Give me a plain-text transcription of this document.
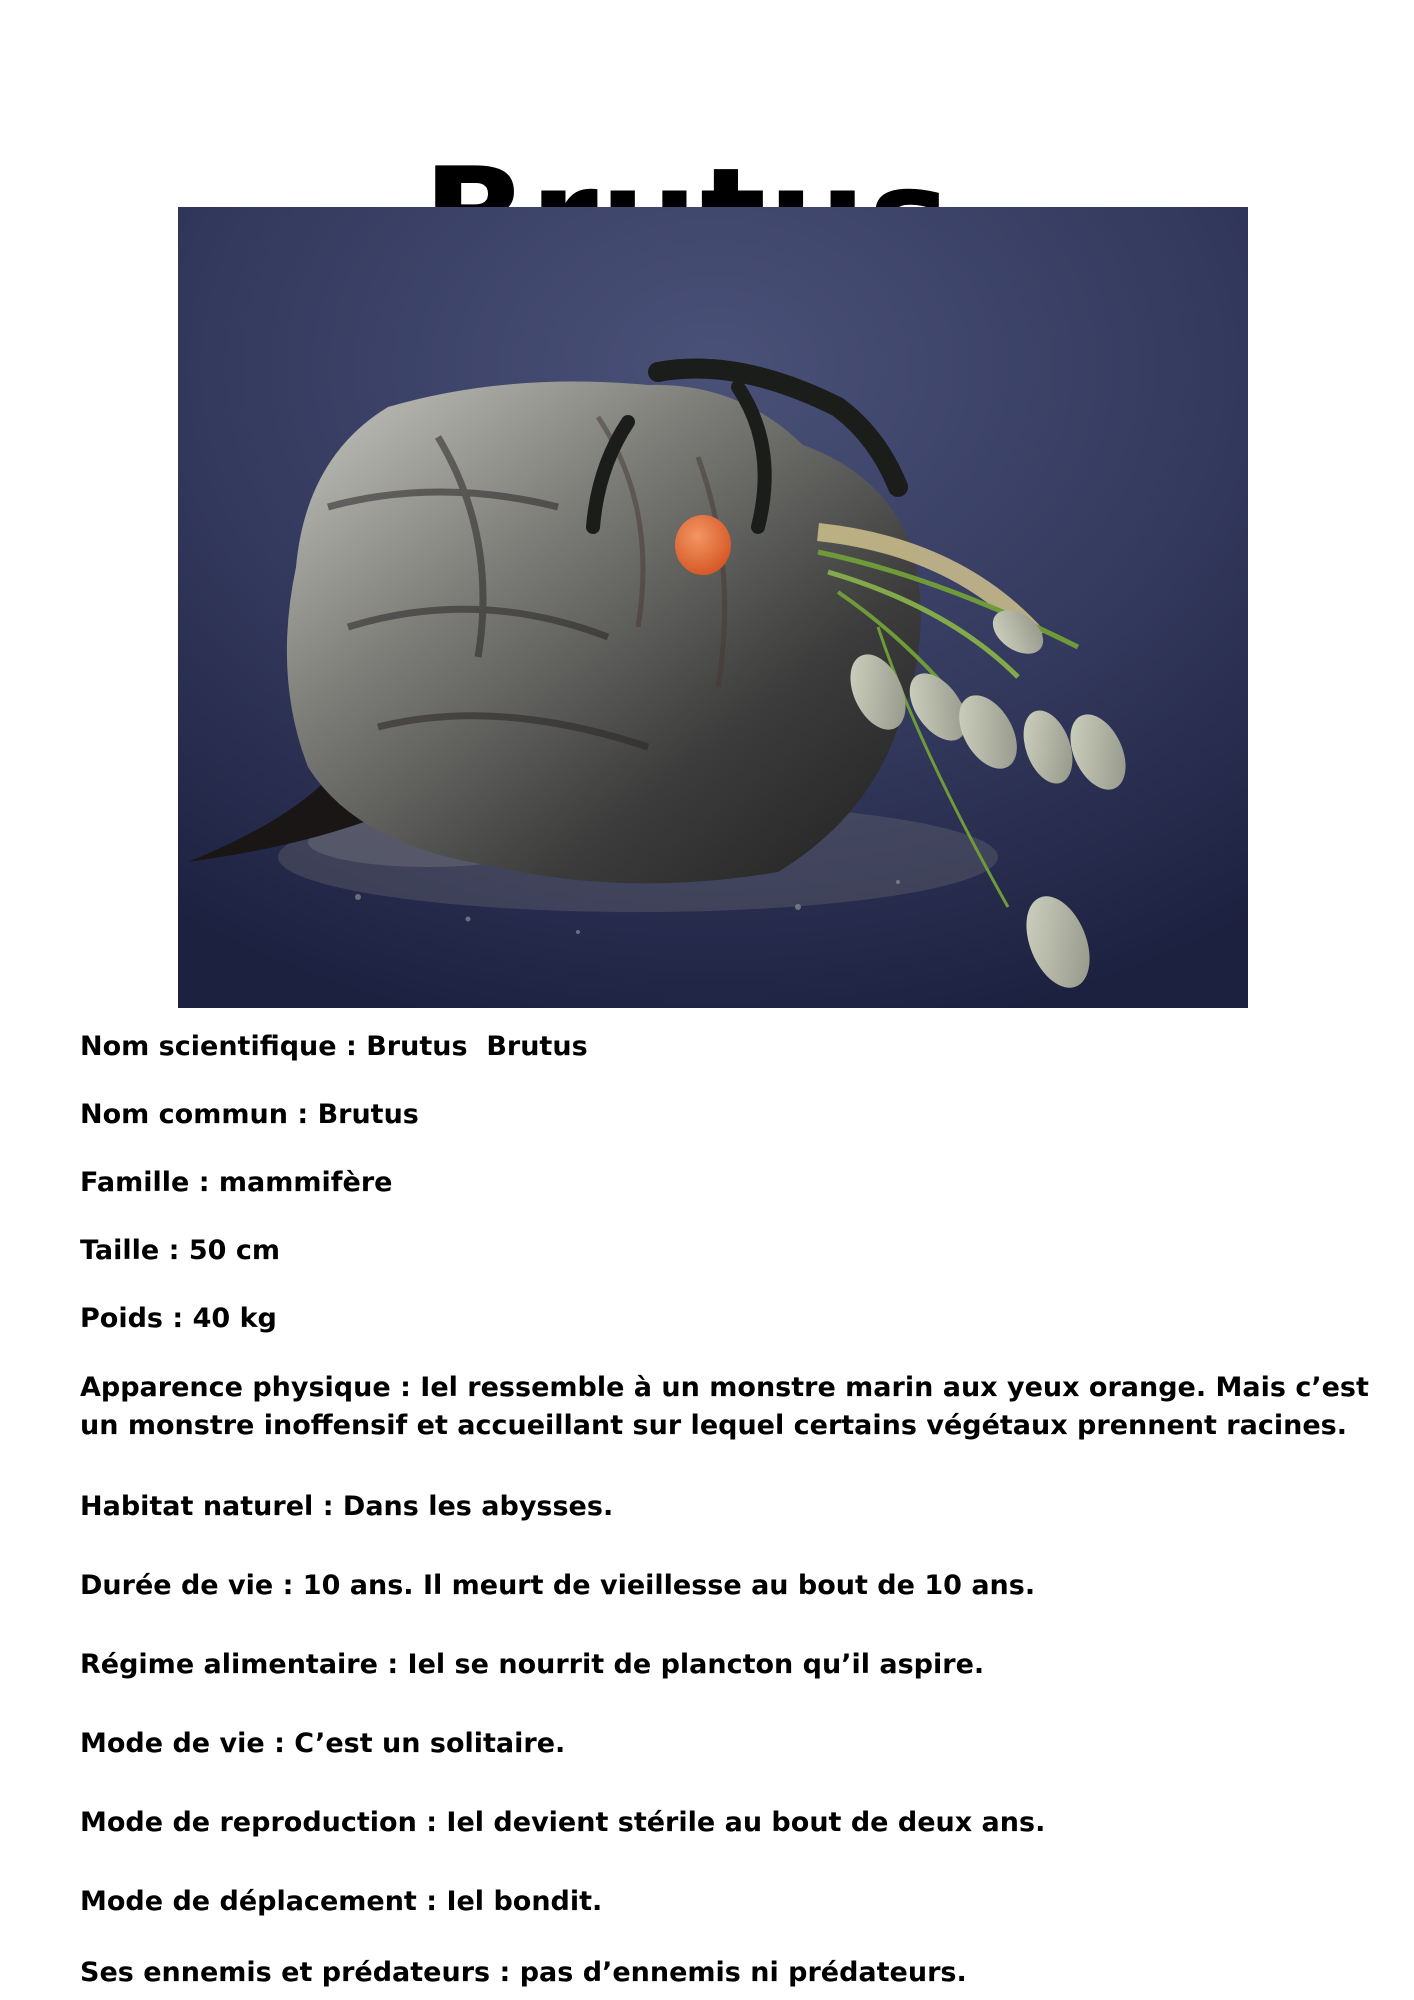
Nom scientifique : Brutus  Brutus
Nom commun : Brutus
Famille : mammifère
Taille : 50 cm
Poids : 40 kg
Apparence physique : Iel ressemble à un monstre marin aux yeux orange. Mais c’est un monstre inoffensif et accueillant sur lequel certains végétaux prennent racines.
Habitat naturel : Dans les abysses.
Durée de vie : 10 ans. Il meurt de vieillesse au bout de 10 ans.
Régime alimentaire : Iel se nourrit de plancton qu’il aspire.
Mode de vie : C’est un solitaire.
Mode de reproduction : Iel devient stérile au bout de deux ans.
Mode de déplacement : Iel bondit.
Ses ennemis et prédateurs : pas d’ennemis ni prédateurs.
